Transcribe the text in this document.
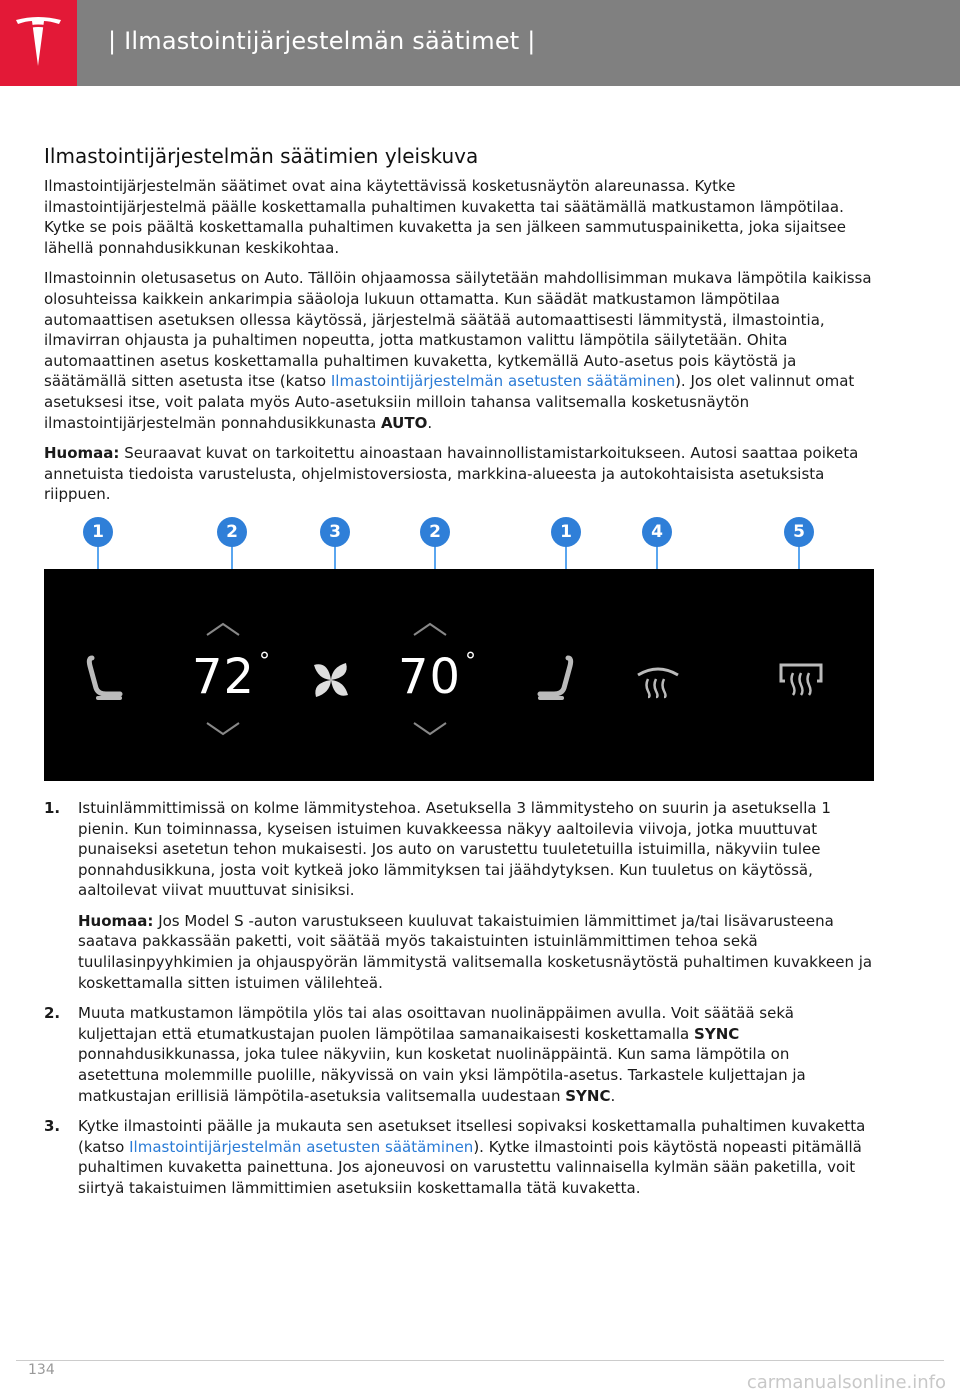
| Ilmastointijärjestelmän säätimet |
Ilmastointijärjestelmän säätimien yleiskuva

Ilmastointijärjestelmän säätimet ovat aina käytettävissä kosketusnäytön alareunassa. Kytke ilmastointijärjestelmä päälle koskettamalla puhaltimen kuvaketta tai säätämällä matkustamon lämpötilaa. Kytke se pois päältä koskettamalla puhaltimen kuvaketta ja sen jälkeen sammutuspainiketta, joka sijaitsee lähellä ponnahdusikkunan keskikohtaa.

Ilmastoinnin oletusasetus on Auto. Tällöin ohjaamossa säilytetään mahdollisimman mukava lämpötila kaikissa olosuhteissa kaikkein ankarimpia sääoloja lukuun ottamatta. Kun säädät matkustamon lämpötilaa automaattisen asetuksen ollessa käytössä, järjestelmä säätää automaattisesti lämmitystä, ilmastointia, ilmavirran ohjausta ja puhaltimen nopeutta, jotta matkustamon valittu lämpötila säilytetään. Ohita automaattinen asetus koskettamalla puhaltimen kuvaketta, kytkemällä Auto-asetus pois käytöstä ja säätämällä sitten asetusta itse (katso Ilmastointijärjestelmän asetusten säätäminen). Jos olet valinnut omat asetuksesi itse, voit palata myös Auto-asetuksiin milloin tahansa valitsemalla kosketusnäytön ilmastointijärjestelmän ponnahdusikkunasta AUTO.

Huomaa: Seuraavat kuvat on tarkoitettu ainoastaan havainnollistamistarkoitukseen. Autosi saattaa poiketa annetuista tiedoista varustelusta, ohjelmistoversiosta, markkina-alueesta ja autokohtaisista asetuksista riippuen.

72 °	70 °
1	2	3	2	1	4	5
1. Istuinlämmittimissä on kolme lämmitystehoa. Asetuksella 3 lämmitysteho on suurin ja asetuksella 1 pienin. Kun toiminnassa, kyseisen istuimen kuvakkeessa näkyy aaltoilevia viivoja, jotka muuttuvat punaiseksi asetetun tehon mukaisesti. Jos auto on varustettu tuuletetuilla istuimilla, näkyviin tulee ponnahdusikkuna, josta voit kytkeä joko lämmityksen tai jäähdytyksen. Kun tuuletus on käytössä, aaltoilevat viivat muuttuvat sinisiksi.

Huomaa: Jos Model S -auton varustukseen kuuluvat takaistuimien lämmittimet ja/tai lisävarusteena saatava pakkassään paketti, voit säätää myös takaistuinten istuinlämmittimen tehoa sekä tuulilasinpyyhkimien ja ohjauspyörän lämmitystä valitsemalla kosketusnäytöstä puhaltimen kuvakkeen ja koskettamalla sitten istuimen välilehteä.

2. Muuta matkustamon lämpötila ylös tai alas osoittavan nuolinäppäimen avulla. Voit säätää sekä kuljettajan että etumatkustajan puolen lämpötilaa samanaikaisesti koskettamalla SYNC ponnahdusikkunassa, joka tulee näkyviin, kun kosketat nuolinäppäintä. Kun sama lämpötila on asetettuna molemmille puolille, näkyvissä on vain yksi lämpötila-asetus. Tarkastele kuljettajan ja matkustajan erillisiä lämpötila-asetuksia valitsemalla uudestaan SYNC.
3. Kytke ilmastointi päälle ja mukauta sen asetukset itsellesi sopivaksi koskettamalla puhaltimen kuvaketta (katso Ilmastointijärjestelmän asetusten säätäminen). Kytke ilmastointi pois käytöstä nopeasti pitämällä puhaltimen kuvaketta painettuna. Jos ajoneuvosi on varustettu valinnaisella kylmän sään paketilla, voit siirtyä takaistuimen lämmittimien asetuksiin koskettamalla tätä kuvaketta.
134
carmanualsonline.info
